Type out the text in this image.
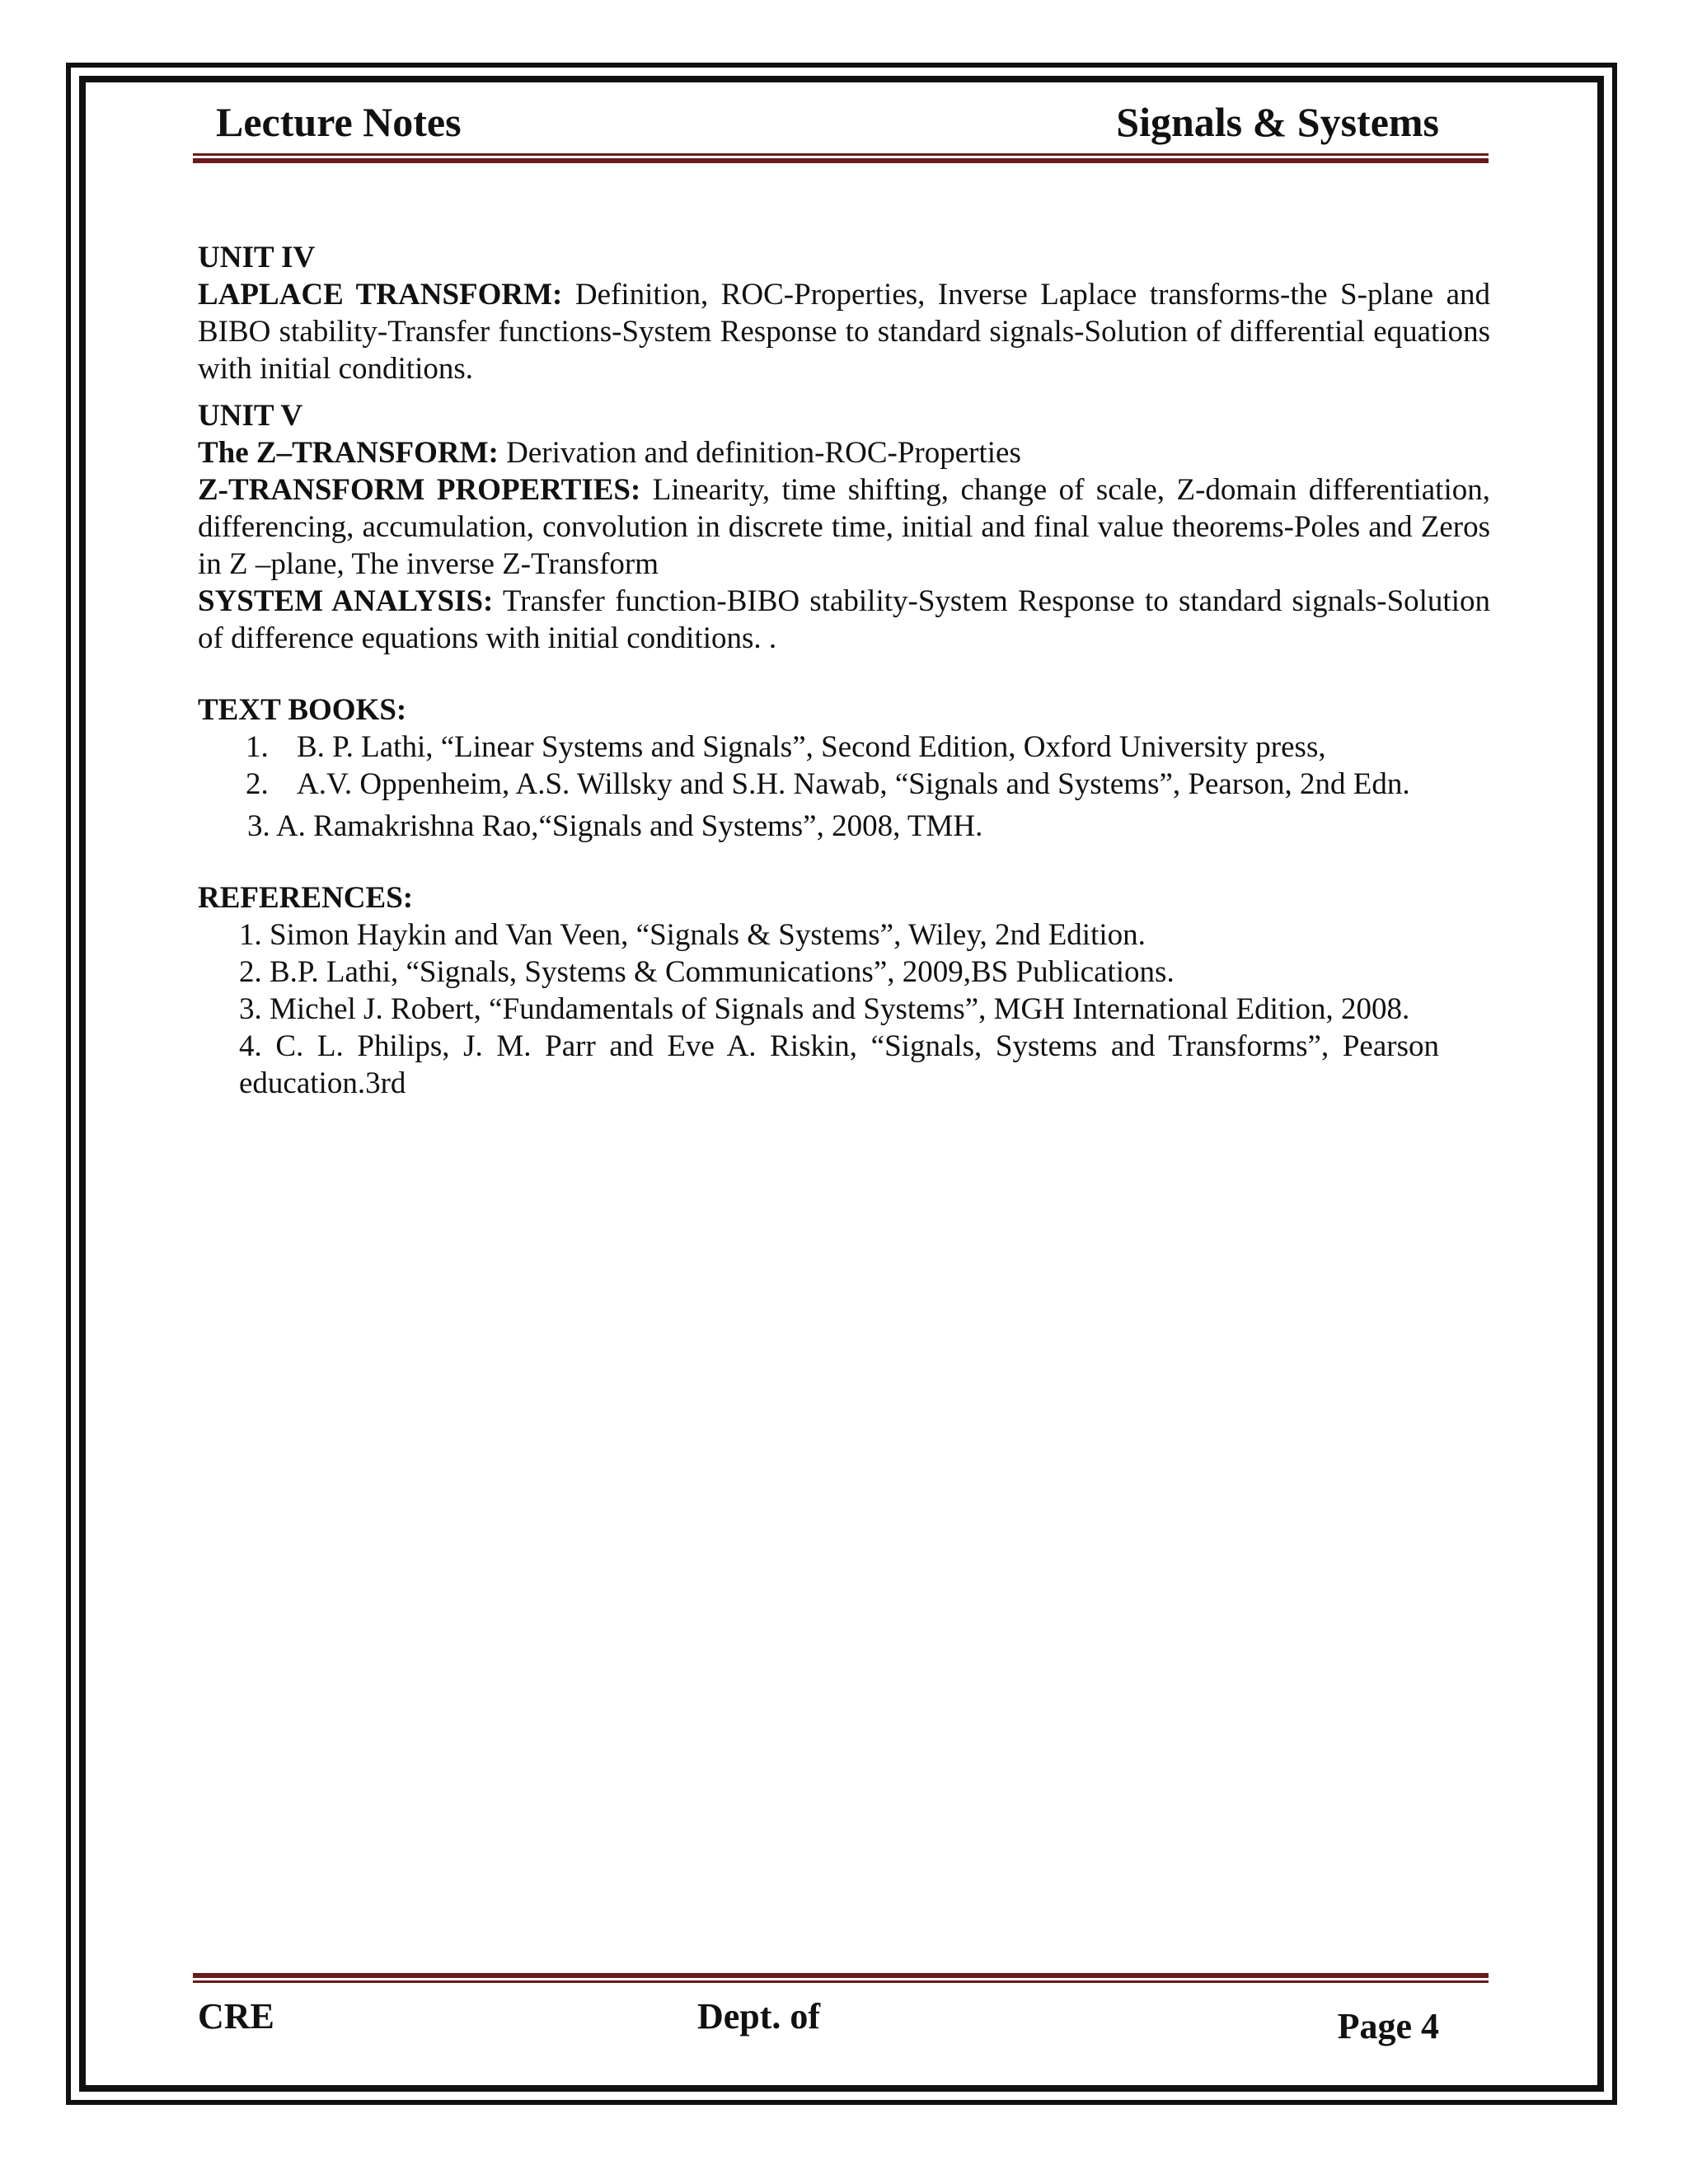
Lecture Notes	Signals & Systems

UNIT IV

LAPLACE TRANSFORM: Definition, ROC-Properties, Inverse Laplace transforms-the S-plane and BIBO stability-Transfer functions-System Response to standard signals-Solution of differential equations with initial conditions.

UNIT V

The Z–TRANSFORM: Derivation and definition-ROC-Properties

Z-TRANSFORM PROPERTIES: Linearity, time shifting, change of scale, Z-domain differentiation, differencing, accumulation, convolution in discrete time, initial and final value theorems-Poles and Zeros in Z –plane, The inverse Z-Transform

SYSTEM ANALYSIS: Transfer function-BIBO stability-System Response to standard signals-Solution of difference equations with initial conditions. .

TEXT BOOKS:

1. B. P. Lathi, “Linear Systems and Signals”, Second Edition, Oxford University press,
2. A.V. Oppenheim, A.S. Willsky and S.H. Nawab, “Signals and Systems”, Pearson, 2nd Edn.

3. A. Ramakrishna Rao,“Signals and Systems”, 2008, TMH.

REFERENCES:

1. Simon Haykin and Van Veen, “Signals & Systems”, Wiley, 2nd Edition.

2. B.P. Lathi, “Signals, Systems & Communications”, 2009,BS Publications.

3. Michel J. Robert, “Fundamentals of Signals and Systems”, MGH International Edition, 2008.

4. C. L. Philips, J. M. Parr and Eve A. Riskin, “Signals, Systems and Transforms”, Pearson education.3rd

CRE	Dept. of	Page 4
